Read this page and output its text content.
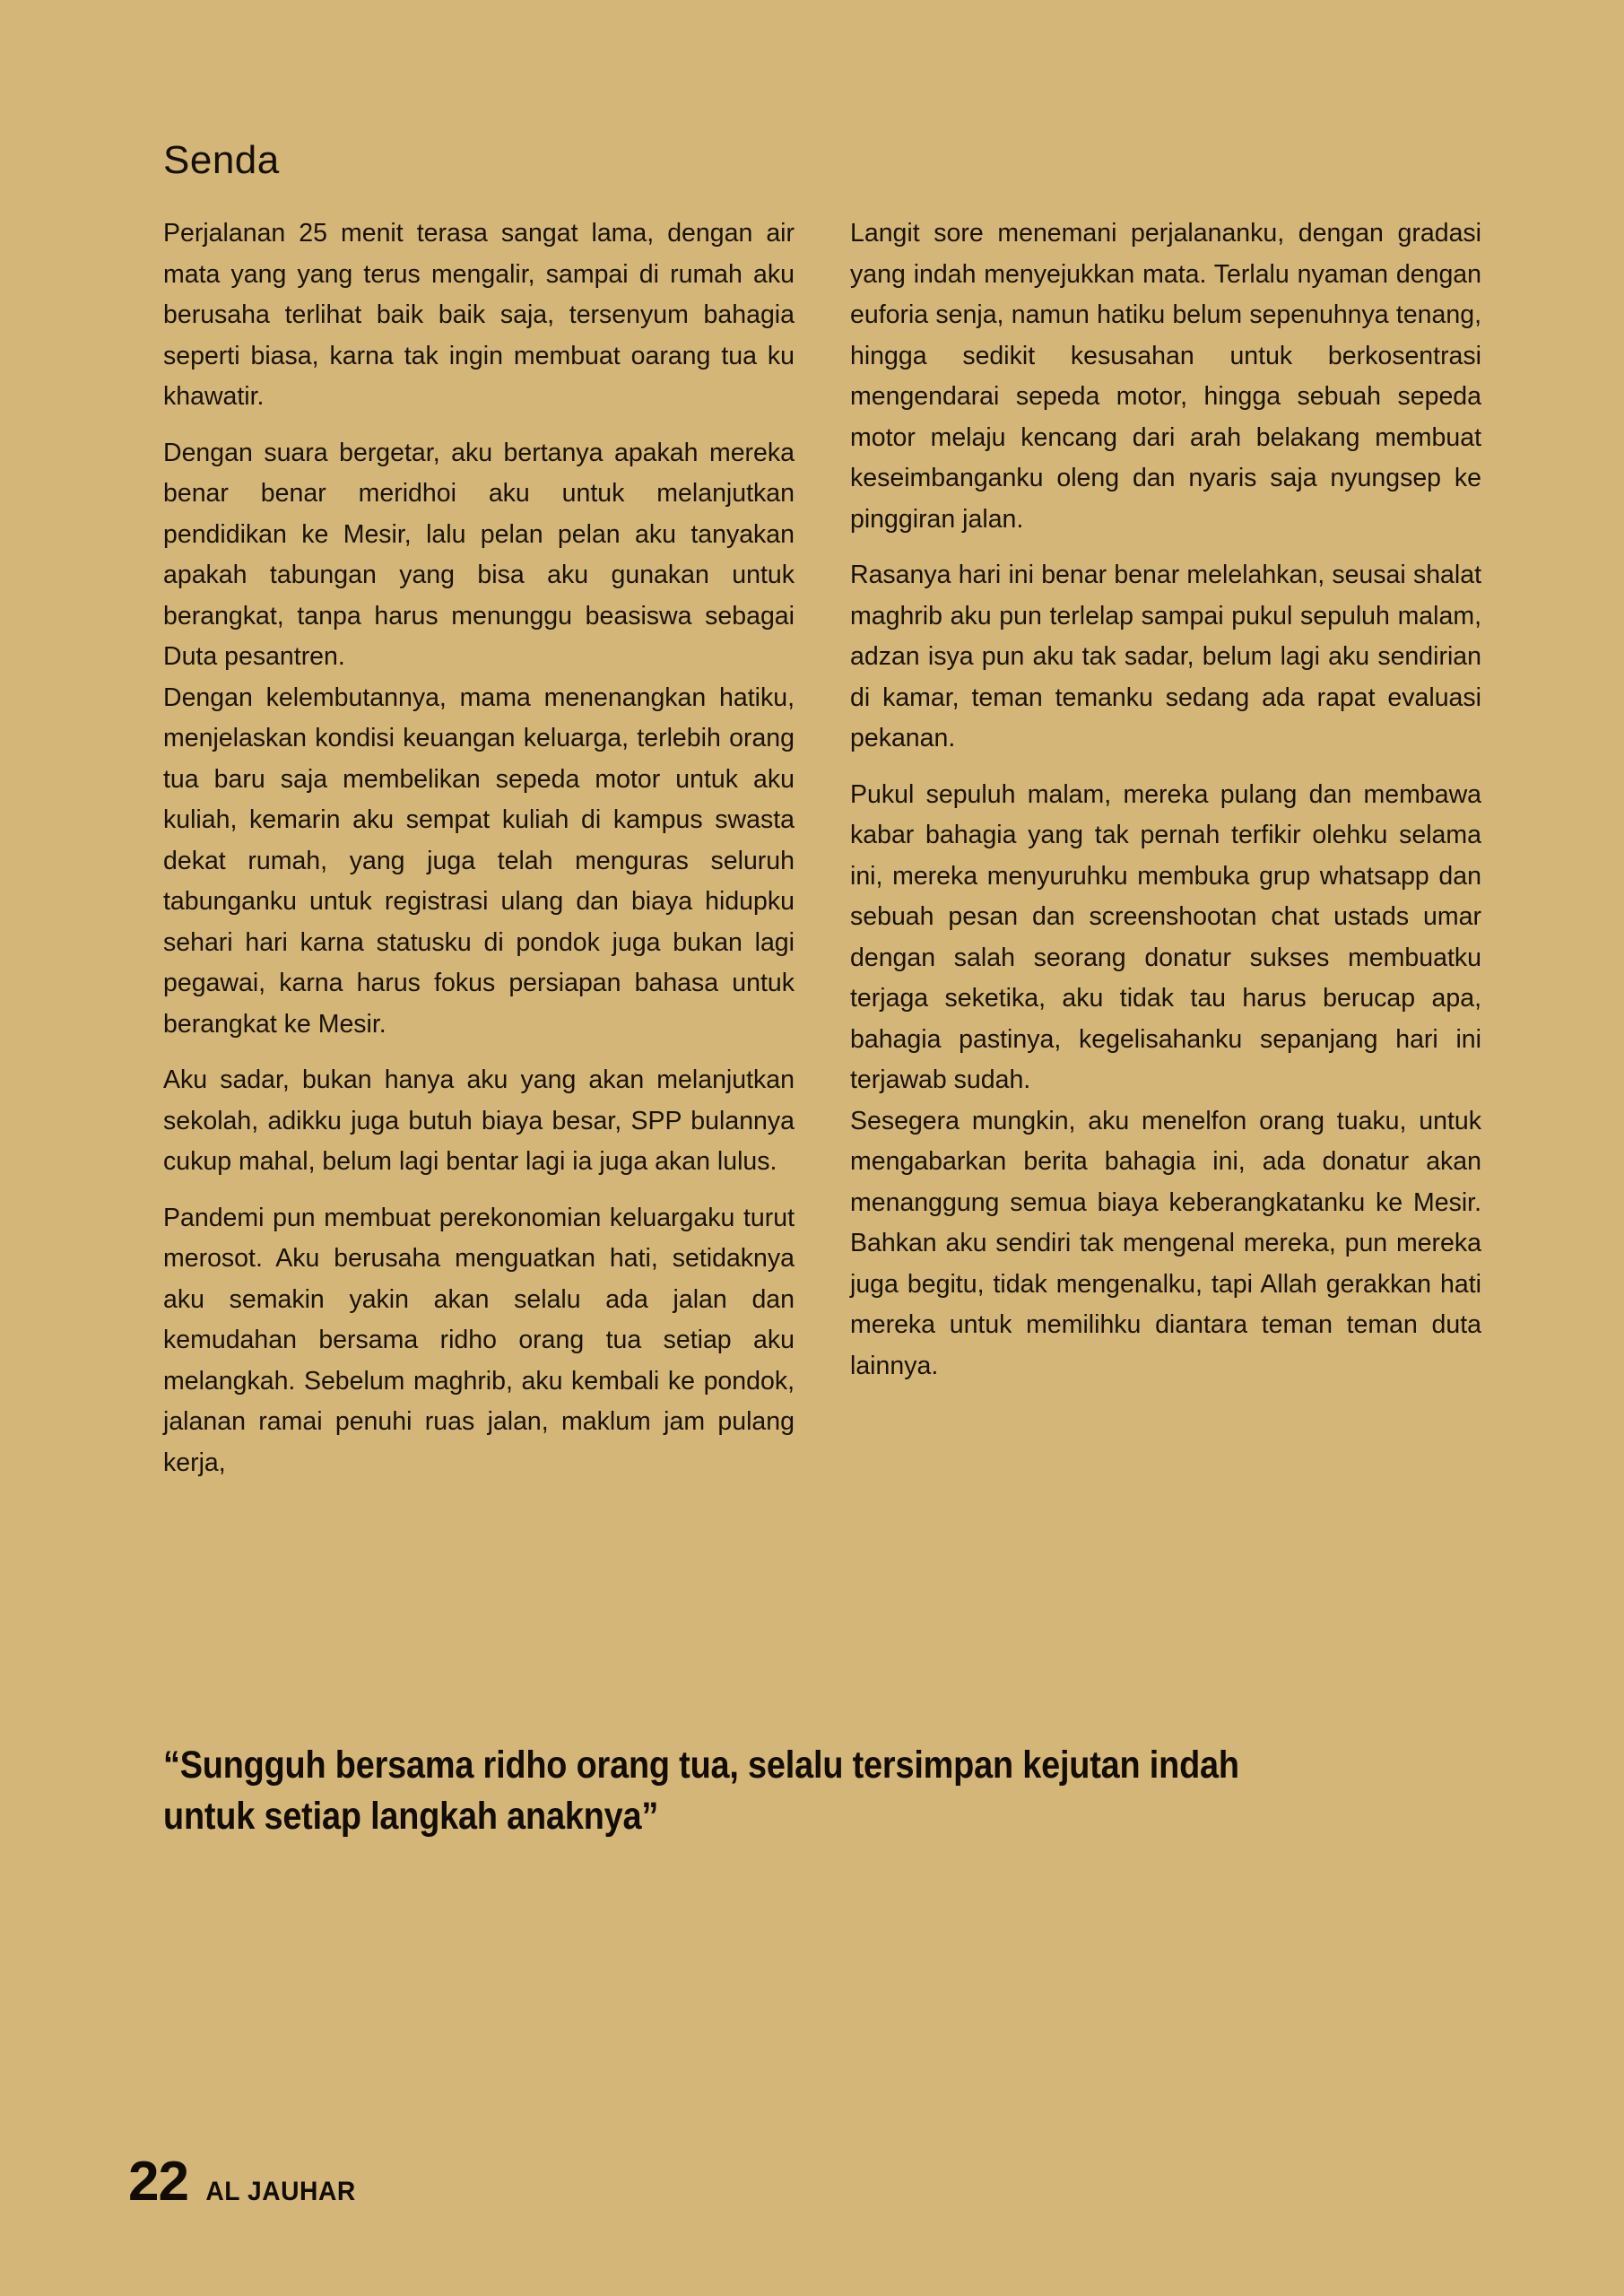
Senda

Perjalanan 25 menit terasa sangat lama, dengan air mata yang yang terus mengalir, sampai di rumah aku berusaha terlihat baik baik saja, tersenyum bahagia seperti biasa, karna tak ingin membuat oarang tua ku khawatir.

Dengan suara bergetar, aku bertanya apakah mereka benar benar meridhoi aku untuk melanjutkan pendidikan ke Mesir, lalu pelan pelan aku tanyakan apakah tabungan yang bisa aku gunakan untuk berangkat, tanpa harus menunggu beasiswa sebagai Duta pesantren.

Dengan kelembutannya, mama menenangkan hatiku, menjelaskan kondisi keuangan keluarga, terlebih orang tua baru saja membelikan sepeda motor untuk aku kuliah, kemarin aku sempat kuliah di kampus swasta dekat rumah, yang juga telah menguras seluruh tabunganku untuk registrasi ulang dan biaya hidupku sehari hari karna statusku di pondok juga bukan lagi pegawai, karna harus fokus persiapan bahasa untuk berangkat ke Mesir.

Aku sadar, bukan hanya aku yang akan melanjutkan sekolah, adikku juga butuh biaya besar, SPP bulannya cukup mahal, belum lagi bentar lagi ia juga akan lulus.

Pandemi pun membuat perekonomian keluargaku turut merosot. Aku berusaha menguatkan hati, setidaknya aku semakin yakin akan selalu ada jalan dan kemudahan bersama ridho orang tua setiap aku melangkah. Sebelum maghrib, aku kembali ke pondok, jalanan ramai penuhi ruas jalan, maklum jam pulang kerja,

Langit sore menemani perjalananku, dengan gradasi yang indah menyejukkan mata. Terlalu nyaman dengan euforia senja, namun hatiku belum sepenuhnya tenang, hingga sedikit kesusahan untuk berkosentrasi mengendarai sepeda motor, hingga sebuah sepeda motor melaju kencang dari arah belakang membuat keseimbanganku oleng dan nyaris saja nyungsep ke pinggiran jalan.

Rasanya hari ini benar benar melelahkan, seusai shalat maghrib aku pun terlelap sampai pukul sepuluh malam, adzan isya pun aku tak sadar, belum lagi aku sendirian di kamar, teman temanku sedang ada rapat evaluasi pekanan.

Pukul sepuluh malam, mereka pulang dan membawa kabar bahagia yang tak pernah terfikir olehku selama ini, mereka menyuruhku membuka grup whatsapp dan sebuah pesan dan screenshootan chat ustads umar dengan salah seorang donatur sukses membuatku terjaga seketika, aku tidak tau harus berucap apa, bahagia pastinya, kegelisahanku sepanjang hari ini terjawab sudah.

Sesegera mungkin, aku menelfon orang tuaku, untuk mengabarkan berita bahagia ini, ada donatur akan menanggung semua biaya keberangkatanku ke Mesir. Bahkan aku sendiri tak mengenal mereka, pun mereka juga begitu, tidak mengenalku, tapi Allah gerakkan hati mereka untuk memilihku diantara teman teman duta lainnya.

“Sungguh bersama ridho orang tua, selalu tersimpan kejutan indah untuk setiap langkah anaknya”
22 AL JAUHAR
